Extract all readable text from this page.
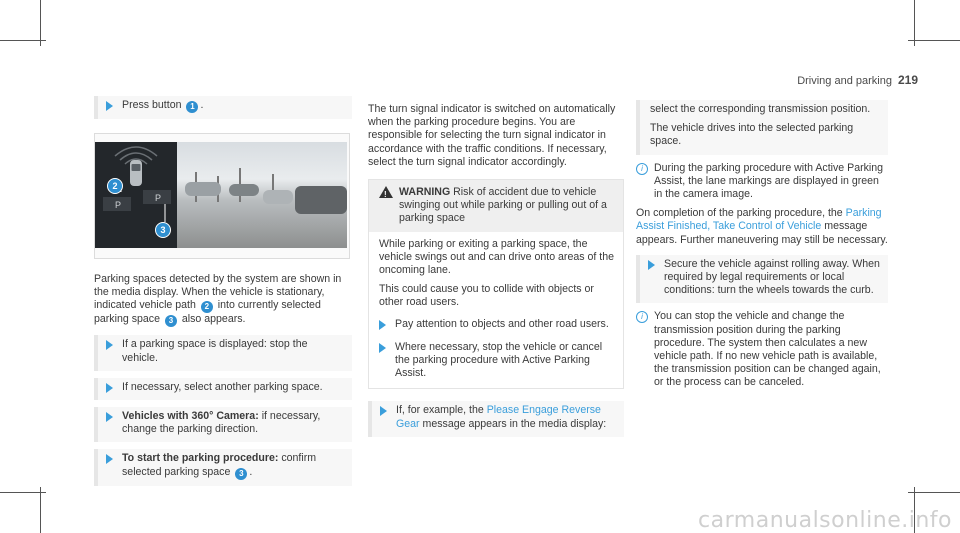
Driving and parking 219
Press button 1 .
P
P
2
3

Parking spaces detected by the system are shown in the media display. When the vehicle is stationary, indicated vehicle path 2 into currently selected parking space 3 also appears.

If a parking space is displayed: stop the vehicle.
If necessary, select another parking space.
Vehicles with 360° Camera: if necessary, change the parking direction.
To start the parking procedure: confirm selected parking space 3 .

The turn signal indicator is switched on automatically when the parking procedure begins. You are responsible for selecting the turn signal indicator in accordance with the traffic conditions. If necessary, select the turn signal indicator accordingly.

! WARNING Risk of accident due to vehicle swinging out while parking or pulling out of a parking space

While parking or exiting a parking space, the vehicle swings out and can drive onto areas of the oncoming lane.

This could cause you to collide with objects or other road users.

Pay attention to objects and other road users.
Where necessary, stop the vehicle or cancel the parking procedure with Active Parking Assist.
If, for example, the Please Engage Reverse Gear message appears in the media display:

select the corresponding transmission position.

The vehicle drives into the selected parking space.

i	During the parking procedure with Active Parking Assist, the lane markings are displayed in green in the camera image.

On completion of the parking procedure, the Parking Assist Finished, Take Control of Vehicle message appears. Further maneuvering may still be necessary.

Secure the vehicle against rolling away. When required by legal requirements or local conditions: turn the wheels towards the curb.
i	You can stop the vehicle and change the transmission position during the parking procedure. The system then calculates a new vehicle path. If no new vehicle path is available, the transmission position can be changed again, or the process can be canceled.
carmanualsonline.info
